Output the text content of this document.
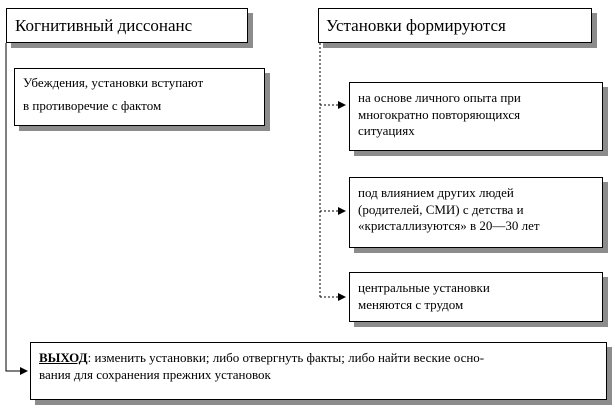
Когнитивный диссонанс	Установки формируются
Убеждения, установки вступают
в противоречие с фактом
на основе личного опыта при
многократно повторяющихся
ситуациях
под влиянием других людей
(родителей, СМИ) с детства и
«кристаллизуются» в 20—30 лет
центральные установки
меняются с трудом
ВЫХОД: изменить установки; либо отвергнуть факты; либо найти веские осно-
вания для сохранения прежних установок
